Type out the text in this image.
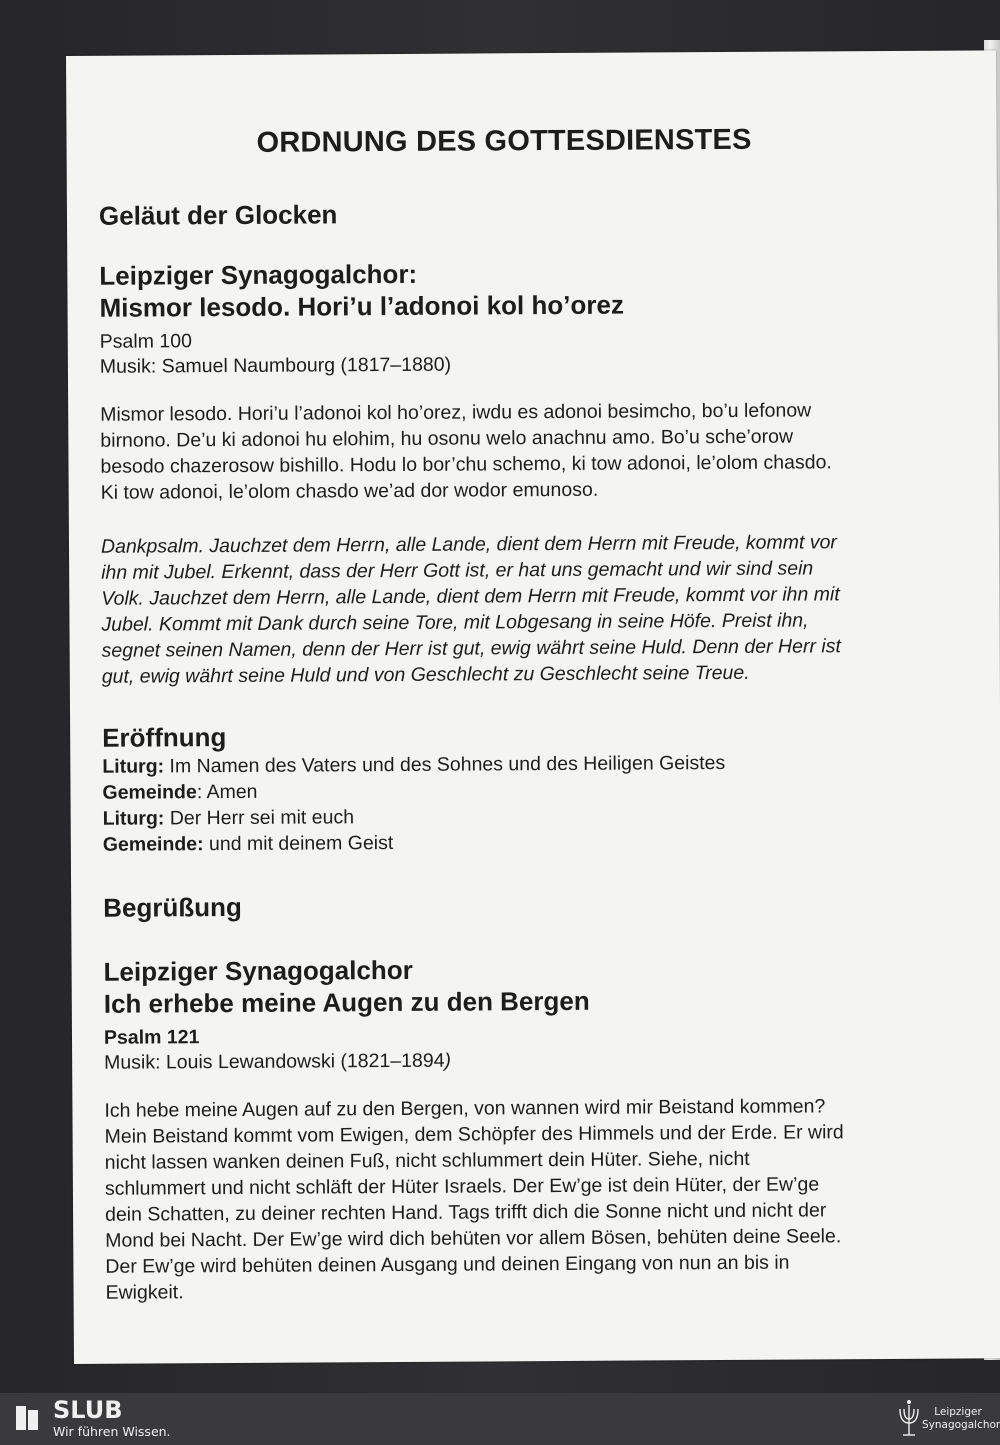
ORDNUNG DES GOTTESDIENSTES
Geläut der Glocken
Leipziger Synagogalchor:
Mismor lesodo. Hori’u l’adonoi kol ho’orez

Psalm 100

Musik: Samuel Naumbourg (1817–1880)

Mismor lesodo. Hori’u l’adonoi kol ho’orez, iwdu es adonoi besimcho, bo’u lefonow
birnono. De’u ki adonoi hu elohim, hu osonu welo anachnu amo. Bo’u sche’orow
besodo chazerosow bishillo. Hodu lo bor’chu schemo, ki tow adonoi, le’olom chasdo.
Ki tow adonoi, le’olom chasdo we’ad dor wodor emunoso.
Dankpsalm. Jauchzet dem Herrn, alle Lande, dient dem Herrn mit Freude, kommt vor
ihn mit Jubel. Erkennt, dass der Herr Gott ist, er hat uns gemacht und wir sind sein
Volk. Jauchzet dem Herrn, alle Lande, dient dem Herrn mit Freude, kommt vor ihn mit
Jubel. Kommt mit Dank durch seine Tore, mit Lobgesang in seine Höfe. Preist ihn,
segnet seinen Namen, denn der Herr ist gut, ewig währt seine Huld. Denn der Herr ist
gut, ewig währt seine Huld und von Geschlecht zu Geschlecht seine Treue.
Eröffnung
Liturg: Im Namen des Vaters und des Sohnes und des Heiligen Geistes
Gemeinde: Amen
Liturg: Der Herr sei mit euch
Gemeinde: und mit deinem Geist
Begrüßung
Leipziger Synagogalchor
Ich erhebe meine Augen zu den Bergen

Psalm 121

Musik: Louis Lewandowski (1821–1894)

Ich hebe meine Augen auf zu den Bergen, von wannen wird mir Beistand kommen?
Mein Beistand kommt vom Ewigen, dem Schöpfer des Himmels und der Erde. Er wird
nicht lassen wanken deinen Fuß, nicht schlummert dein Hüter. Siehe, nicht
schlummert und nicht schläft der Hüter Israels. Der Ew’ge ist dein Hüter, der Ew’ge
dein Schatten, zu deiner rechten Hand. Tags trifft dich die Sonne nicht und nicht der
Mond bei Nacht. Der Ew’ge wird dich behüten vor allem Bösen, behüten deine Seele.
Der Ew’ge wird behüten deinen Ausgang und deinen Eingang von nun an bis in
Ewigkeit.
SLUB
Wir führen Wissen.
Leipziger
Synagogalchor
